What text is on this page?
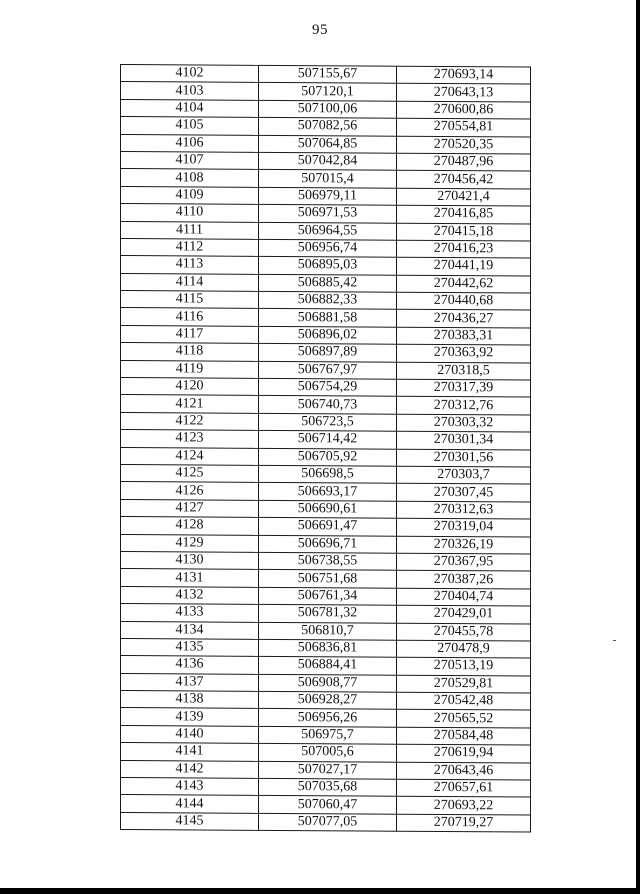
95
4102	507155,67	270693,14
4103	507120,1	270643,13
4104	507100,06	270600,86
4105	507082,56	270554,81
4106	507064,85	270520,35
4107	507042,84	270487,96
4108	507015,4	270456,42
4109	506979,11	270421,4
4110	506971,53	270416,85
4111	506964,55	270415,18
4112	506956,74	270416,23
4113	506895,03	270441,19
4114	506885,42	270442,62
4115	506882,33	270440,68
4116	506881,58	270436,27
4117	506896,02	270383,31
4118	506897,89	270363,92
4119	506767,97	270318,5
4120	506754,29	270317,39
4121	506740,73	270312,76
4122	506723,5	270303,32
4123	506714,42	270301,34
4124	506705,92	270301,56
4125	506698,5	270303,7
4126	506693,17	270307,45
4127	506690,61	270312,63
4128	506691,47	270319,04
4129	506696,71	270326,19
4130	506738,55	270367,95
4131	506751,68	270387,26
4132	506761,34	270404,74
4133	506781,32	270429,01
4134	506810,7	270455,78
4135	506836,81	270478,9
4136	506884,41	270513,19
4137	506908,77	270529,81
4138	506928,27	270542,48
4139	506956,26	270565,52
4140	506975,7	270584,48
4141	507005,6	270619,94
4142	507027,17	270643,46
4143	507035,68	270657,61
4144	507060,47	270693,22
4145	507077,05	270719,27
